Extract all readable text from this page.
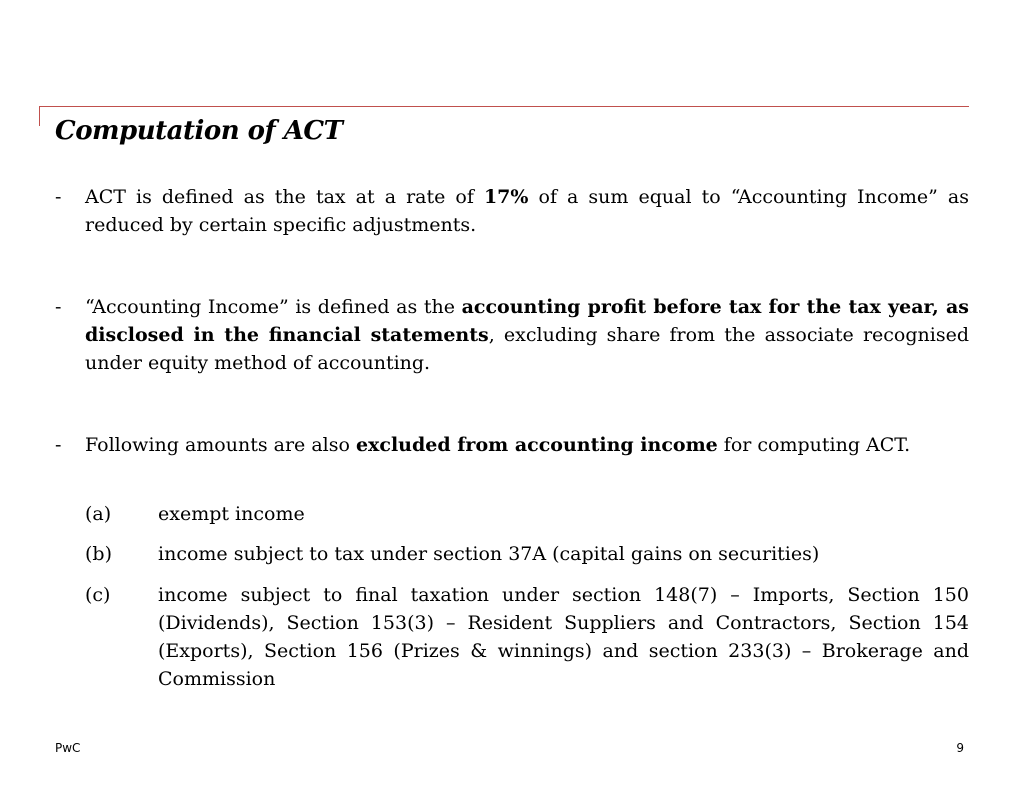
Computation of ACT
- ACT is defined as the tax at a rate of 17% of a sum equal to “Accounting Income” as reduced by certain specific adjustments.
- “Accounting Income” is defined as the accounting profit before tax for the tax year, as disclosed in the financial statements, excluding share from the associate recognised under equity method of accounting.
- Following amounts are also excluded from accounting income for computing ACT.
(a) exempt income
(b) income subject to tax under section 37A (capital gains on securities)
(c)	income subject to final taxation under section 148(7) – Imports, Section 150 (Dividends), Section 153(3) – Resident Suppliers and Contractors, Section 154 (Exports), Section 156 (Prizes & winnings) and section 233(3) – Brokerage and Commission
PwC	9
